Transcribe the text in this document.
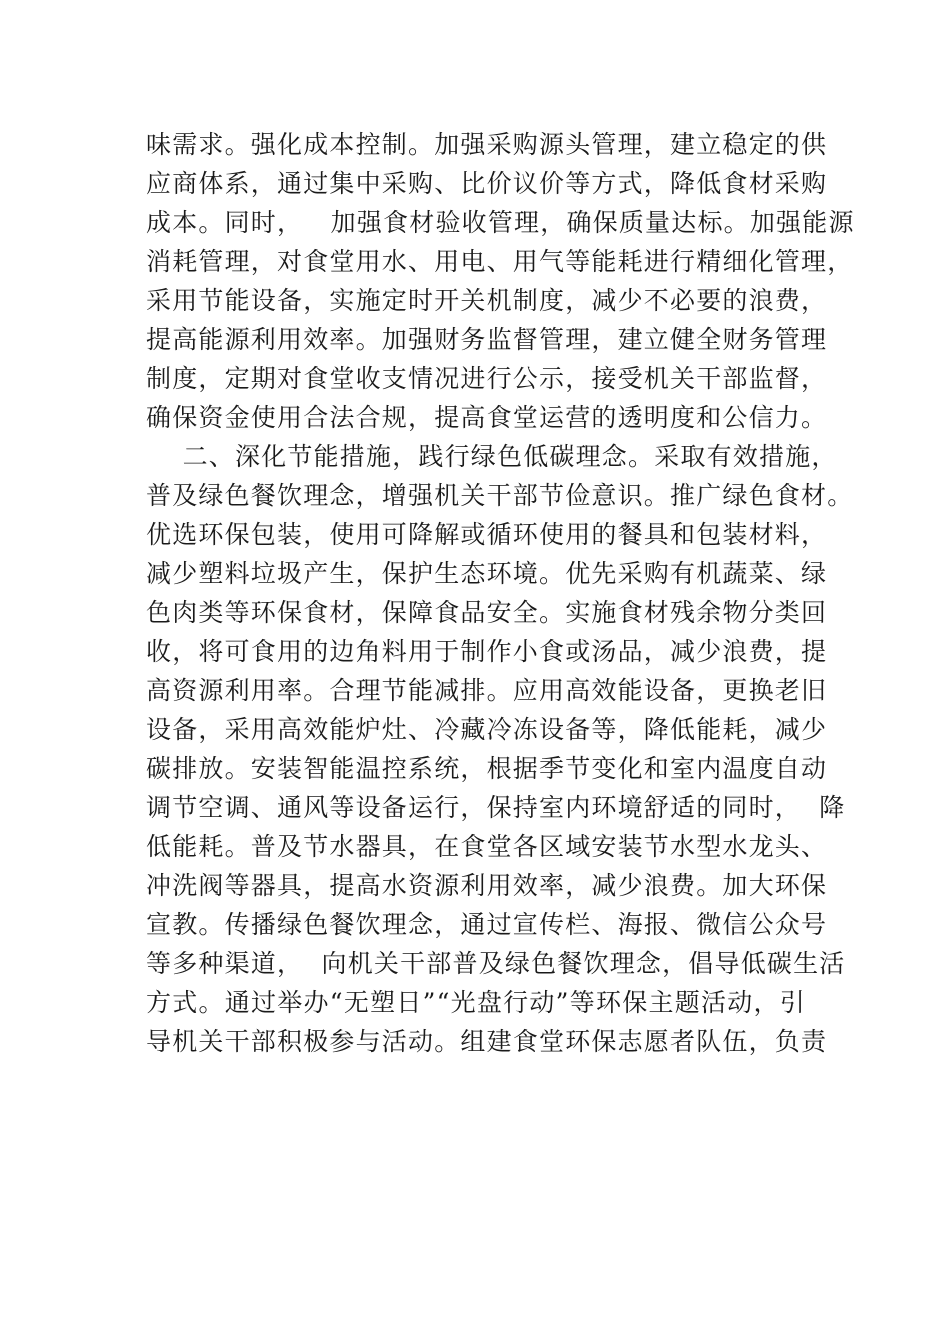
味需求。强化成本控制。加强采购源头管理，建立稳定的供
应商体系，通过集中采购、比价议价等方式，降低食材采购
成本。同时，   加强食材验收管理，确保质量达标。加强能源
消耗管理，对食堂用水、用电、用气等能耗进行精细化管理，
采用节能设备，实施定时开关机制度，减少不必要的浪费，
提高能源利用效率。加强财务监督管理，建立健全财务管理
制度，定期对食堂收支情况进行公示，接受机关干部监督，
确保资金使用合法合规，提高食堂运营的透明度和公信力。
二、深化节能措施，践行绿色低碳理念。采取有效措施，
普及绿色餐饮理念，增强机关干部节俭意识。推广绿色食材。
优选环保包装，使用可降解或循环使用的餐具和包装材料，
减少塑料垃圾产生，保护生态环境。优先采购有机蔬菜、绿
色肉类等环保食材，保障食品安全。实施食材残余物分类回
收，将可食用的边角料用于制作小食或汤品，减少浪费，提
高资源利用率。合理节能减排。应用高效能设备，更换老旧
设备，采用高效能炉灶、冷藏冷冻设备等，降低能耗，减少
碳排放。安装智能温控系统，根据季节变化和室内温度自动
调节空调、通风等设备运行，保持室内环境舒适的同时，  降
低能耗。普及节水器具，在食堂各区域安装节水型水龙头、
冲洗阀等器具，提高水资源利用效率，减少浪费。加大环保
宣教。传播绿色餐饮理念，通过宣传栏、海报、微信公众号
等多种渠道，  向机关干部普及绿色餐饮理念，倡导低碳生活
方式。通过举办“无塑日”“光盘行动”等环保主题活动，引
导机关干部积极参与活动。组建食堂环保志愿者队伍，负责
